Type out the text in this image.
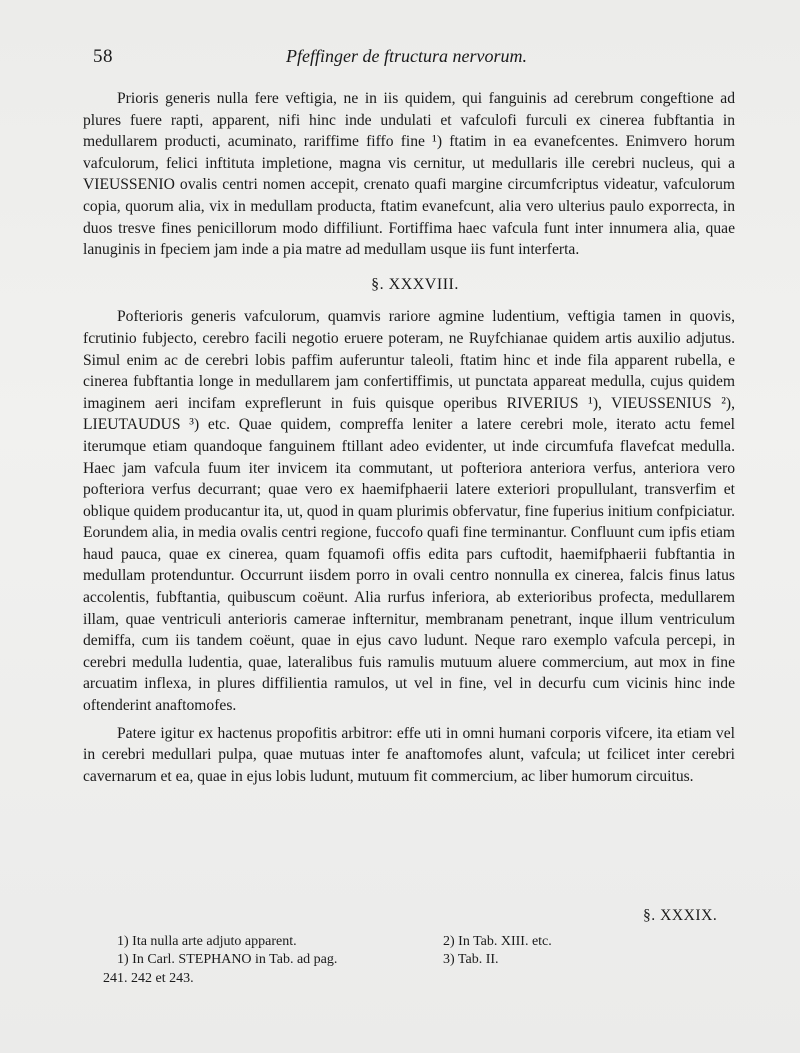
58	Pfeffinger de ftructura nervorum.

Prioris generis nulla fere veftigia, ne in iis quidem, qui fanguinis ad cerebrum congeftione ad plures fuere rapti, apparent, nifi hinc inde undulati et vafculofi furculi ex cinerea fubftantia in medullarem producti, acuminato, rariffime fiffo fine ¹) ftatim in ea evanefcentes. Enimvero horum vafculorum, felici inftituta impletione, magna vis cernitur, ut medullaris ille cerebri nucleus, qui a VIEUSSENIO ovalis centri nomen accepit, crenato quafi margine circumfcriptus videatur, vafculorum copia, quorum alia, vix in medullam producta, ftatim evanefcunt, alia vero ulterius paulo exporrecta, in duos tresve fines penicillorum modo diffiliunt. Fortiffima haec vafcula funt inter innumera alia, quae lanuginis in fpeciem jam inde a pia matre ad medullam usque iis funt interferta.

§. XXXVIII.

Pofterioris generis vafculorum, quamvis rariore agmine ludentium, veftigia tamen in quovis, fcrutinio fubjecto, cerebro facili negotio eruere poteram, ne Ruyfchianae quidem artis auxilio adjutus. Simul enim ac de cerebri lobis paffim auferuntur taleoli, ftatim hinc et inde fila apparent rubella, e cinerea fubftantia longe in medullarem jam confertiffimis, ut punctata appareat medulla, cujus quidem imaginem aeri incifam expreflerunt in fuis quisque operibus RIVERIUS ¹), VIEUSSENIUS ²), LIEUTAUDUS ³) etc. Quae quidem, compreffa leniter a latere cerebri mole, iterato actu femel iterumque etiam quandoque fanguinem ftillant adeo evidenter, ut inde circumfufa flavefcat medulla. Haec jam vafcula fuum iter invicem ita commutant, ut pofteriora anteriora verfus, anteriora vero pofteriora verfus decurrant; quae vero ex haemifphaerii latere exteriori propullulant, transverfim et oblique quidem producantur ita, ut, quod in quam plurimis obfervatur, fine fuperius initium confpiciatur. Eorundem alia, in media ovalis centri regione, fuccofo quafi fine terminantur. Confluunt cum ipfis etiam haud pauca, quae ex cinerea, quam fquamofi offis edita pars cuftodit, haemifphaerii fubftantia in medullam protenduntur. Occurrunt iisdem porro in ovali centro nonnulla ex cinerea, falcis finus latus accolentis, fubftantia, quibuscum coëunt. Alia rurfus inferiora, ab exterioribus profecta, medullarem illam, quae ventriculi anterioris camerae infternitur, membranam penetrant, inque illum ventriculum demiffa, cum iis tandem coëunt, quae in ejus cavo ludunt. Neque raro exemplo vafcula percepi, in cerebri medulla ludentia, quae, lateralibus fuis ramulis mutuum aluere commercium, aut mox in fine arcuatim inflexa, in plures diffilientia ramulos, ut vel in fine, vel in decurfu cum vicinis hinc inde oftenderint anaftomofes.

Patere igitur ex hactenus propofitis arbitror: effe uti in omni humani corporis vifcere, ita etiam vel in cerebri medullari pulpa, quae mutuas inter fe anaftomofes alunt, vafcula; ut fcilicet inter cerebri cavernarum et ea, quae in ejus lobis ludunt, mutuum fit commercium, ac liber humorum circuitus.

§. XXXIX.
1) Ita nulla arte adjuto apparent.	2) In Tab. XIII. etc.
1) In Carl. STEPHANO in Tab. ad pag.	3) Tab. II.
241. 242 et 243.
